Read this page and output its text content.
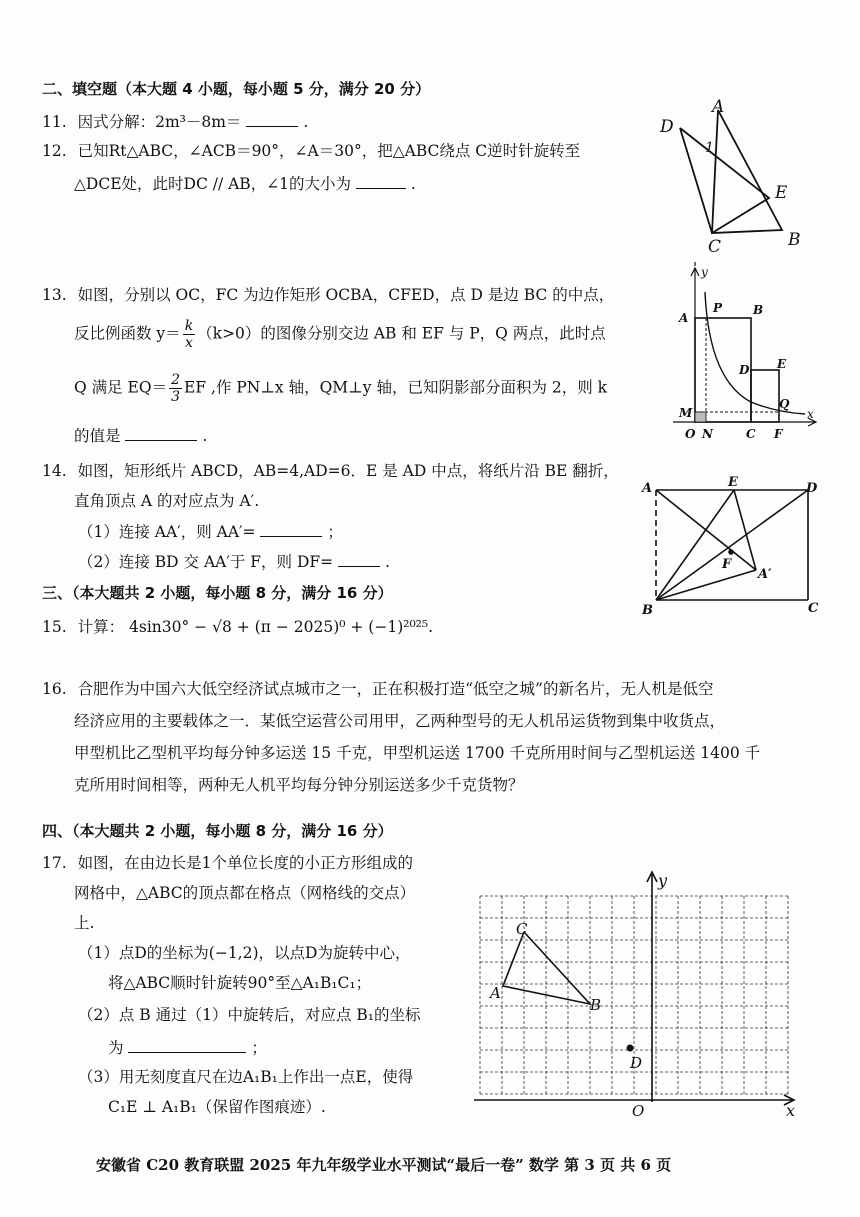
二、填空题（本大题 4 小题，每小题 5 分，满分 20 分）
11. 因式分解：2m³－8m＝	.
12. 已知Rt△ABC，∠ACB＝90°，∠A＝30°，把△ABC绕点 C逆时针旋转至
△DCE处，此时DC // AB，∠1的大小为	.
A
B
C
D
E
1
13. 如图，分别以 OC，FC 为边作矩形 OCBA，CFED，点 D 是边 BC 的中点，
反比例函数 $y= \frac{k}{x} (k>0)$的图像分别交边 AB 和 EF 与 P，Q 两点，此时点
Q 满足 $EQ= \frac{2}{3}$ EF ,作 PN⊥x 轴，QM⊥y 轴，已知阴影部分面积为 2，则 k
的值是	.
y
x
A
P	B
E
D
M
Q
O N	C F
14. 如图，矩形纸片 ABCD，AB=4,AD=6．E 是 AD 中点，将纸片沿 BE 翻折，
直角顶点 A 的对应点为 A′.
（1）连接 AA′，则 AA′=	；
（2）连接 BD 交 AA′于 F，则 DF=	.
A	E	D
F
A′
B	C
三、（本大题共 2 小题，每小题 8 分，满分 16 分）
15. 计算： 4sin30° − √8 + (π − 2025)⁰ + (−1)²⁰²⁵.
16. 合肥作为中国六大低空经济试点城市之一，正在积极打造“低空之城”的新名片，无人机是低空
经济应用的主要载体之一．某低空运营公司用甲，乙两种型号的无人机吊运货物到集中收货点，
甲型机比乙型机平均每分钟多运送 15 千克，甲型机运送 1700 千克所用时间与乙型机运送 1400 千
克所用时间相等，两种无人机平均每分钟分别运送多少千克货物？
四、（本大题共 2 小题，每小题 8 分，满分 16 分）
17. 如图，在由边长是1个单位长度的小正方形组成的
网格中，△ABC的顶点都在格点（网格线的交点）
上.
（1）点D的坐标为(−1,2)，以点D为旋转中心，
将△ABC顺时针旋转90°至△A₁B₁C₁；
（2）点 B 通过（1）中旋转后，对应点 B₁的坐标
为	；
（3）用无刻度直尺在边A₁B₁上作出一点E，使得
C₁E ⊥ A₁B₁（保留作图痕迹）.
y
x
C
A
B
D
O
安徽省 C20 教育联盟 2025 年九年级学业水平测试“最后一卷” 数学 第 3 页 共 6 页
